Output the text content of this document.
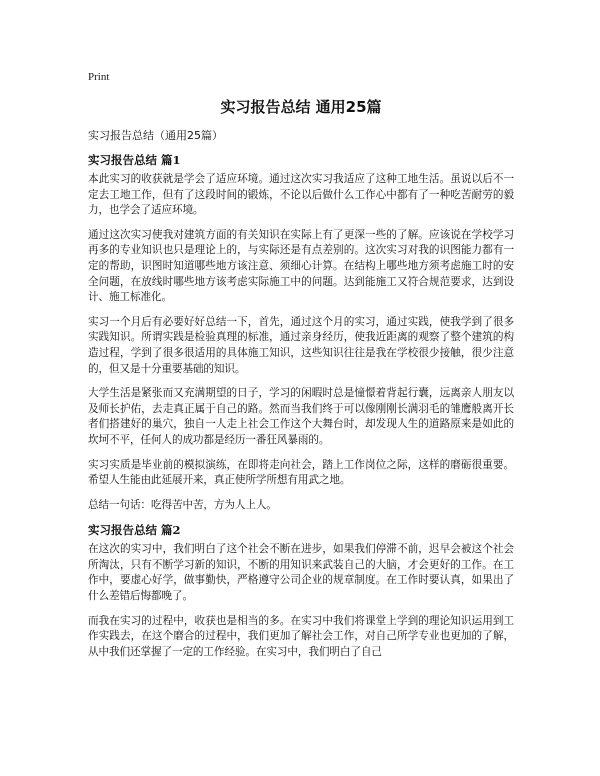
Print
实习报告总结 通用25篇
实习报告总结（通用25篇）
实习报告总结 篇1

本此实习的收获就是学会了适应环境。通过这次实习我适应了这种工地生活。虽说以后不一定去工地工作，但有了这段时间的锻炼，不论以后做什么工作心中都有了一种吃苦耐劳的毅力，也学会了适应环境。

通过这次实习使我对建筑方面的有关知识在实际上有了更深一些的了解。应该说在学校学习再多的专业知识也只是理论上的，与实际还是有点差别的。这次实习对我的识图能力都有一定的帮助，识图时知道哪些地方该注意、须细心计算。在结构上哪些地方须考虑施工时的安全问题，在放线时哪些地方该考虑实际施工中的问题。达到能施工又符合规范要求，达到设计、施工标准化。

实习一个月后有必要好好总结一下，首先，通过这个月的实习，通过实践，使我学到了很多实践知识。所谓实践是检验真理的标准，通过亲身经历，使我近距离的观察了整个建筑的构造过程，学到了很多很适用的具体施工知识，这些知识往往是我在学校很少接触，很少注意的，但又是十分重要基础的知识。

大学生活是紧张而又充满期望的日子，学习的闲暇时总是憧憬着背起行囊，远离亲人朋友以及师长护佑，去走真正属于自己的路。然而当我们终于可以像刚刚长满羽毛的雏鹰般离开长者们搭建好的巢穴，独自一人走上社会工作这个大舞台时，却发现人生的道路原来是如此的坎坷不平，任何人的成功都是经历一番狂风暴雨的。

实习实质是毕业前的模拟演练，在即将走向社会，踏上工作岗位之际，这样的磨砺很重要。希望人生能由此延展开来，真正使所学所想有用武之地。

总结一句话：吃得苦中苦，方为人上人。

实习报告总结 篇2

在这次的实习中，我们明白了这个社会不断在进步，如果我们停滞不前，迟早会被这个社会所淘汰，只有不断学习新的知识，不断的用知识来武装自己的大脑，才会更好的工作。在工作中，要虚心好学，做事勤快，严格遵守公司企业的规章制度。在工作时要认真，如果出了什么差错后悔都晚了。

而我在实习的过程中，收获也是相当的多。在实习中我们将课堂上学到的理论知识运用到工作实践去，在这个磨合的过程中，我们更加了解社会工作，对自己所学专业也更加的了解，从中我们还掌握了一定的工作经验。在实习中，我们明白了自己
